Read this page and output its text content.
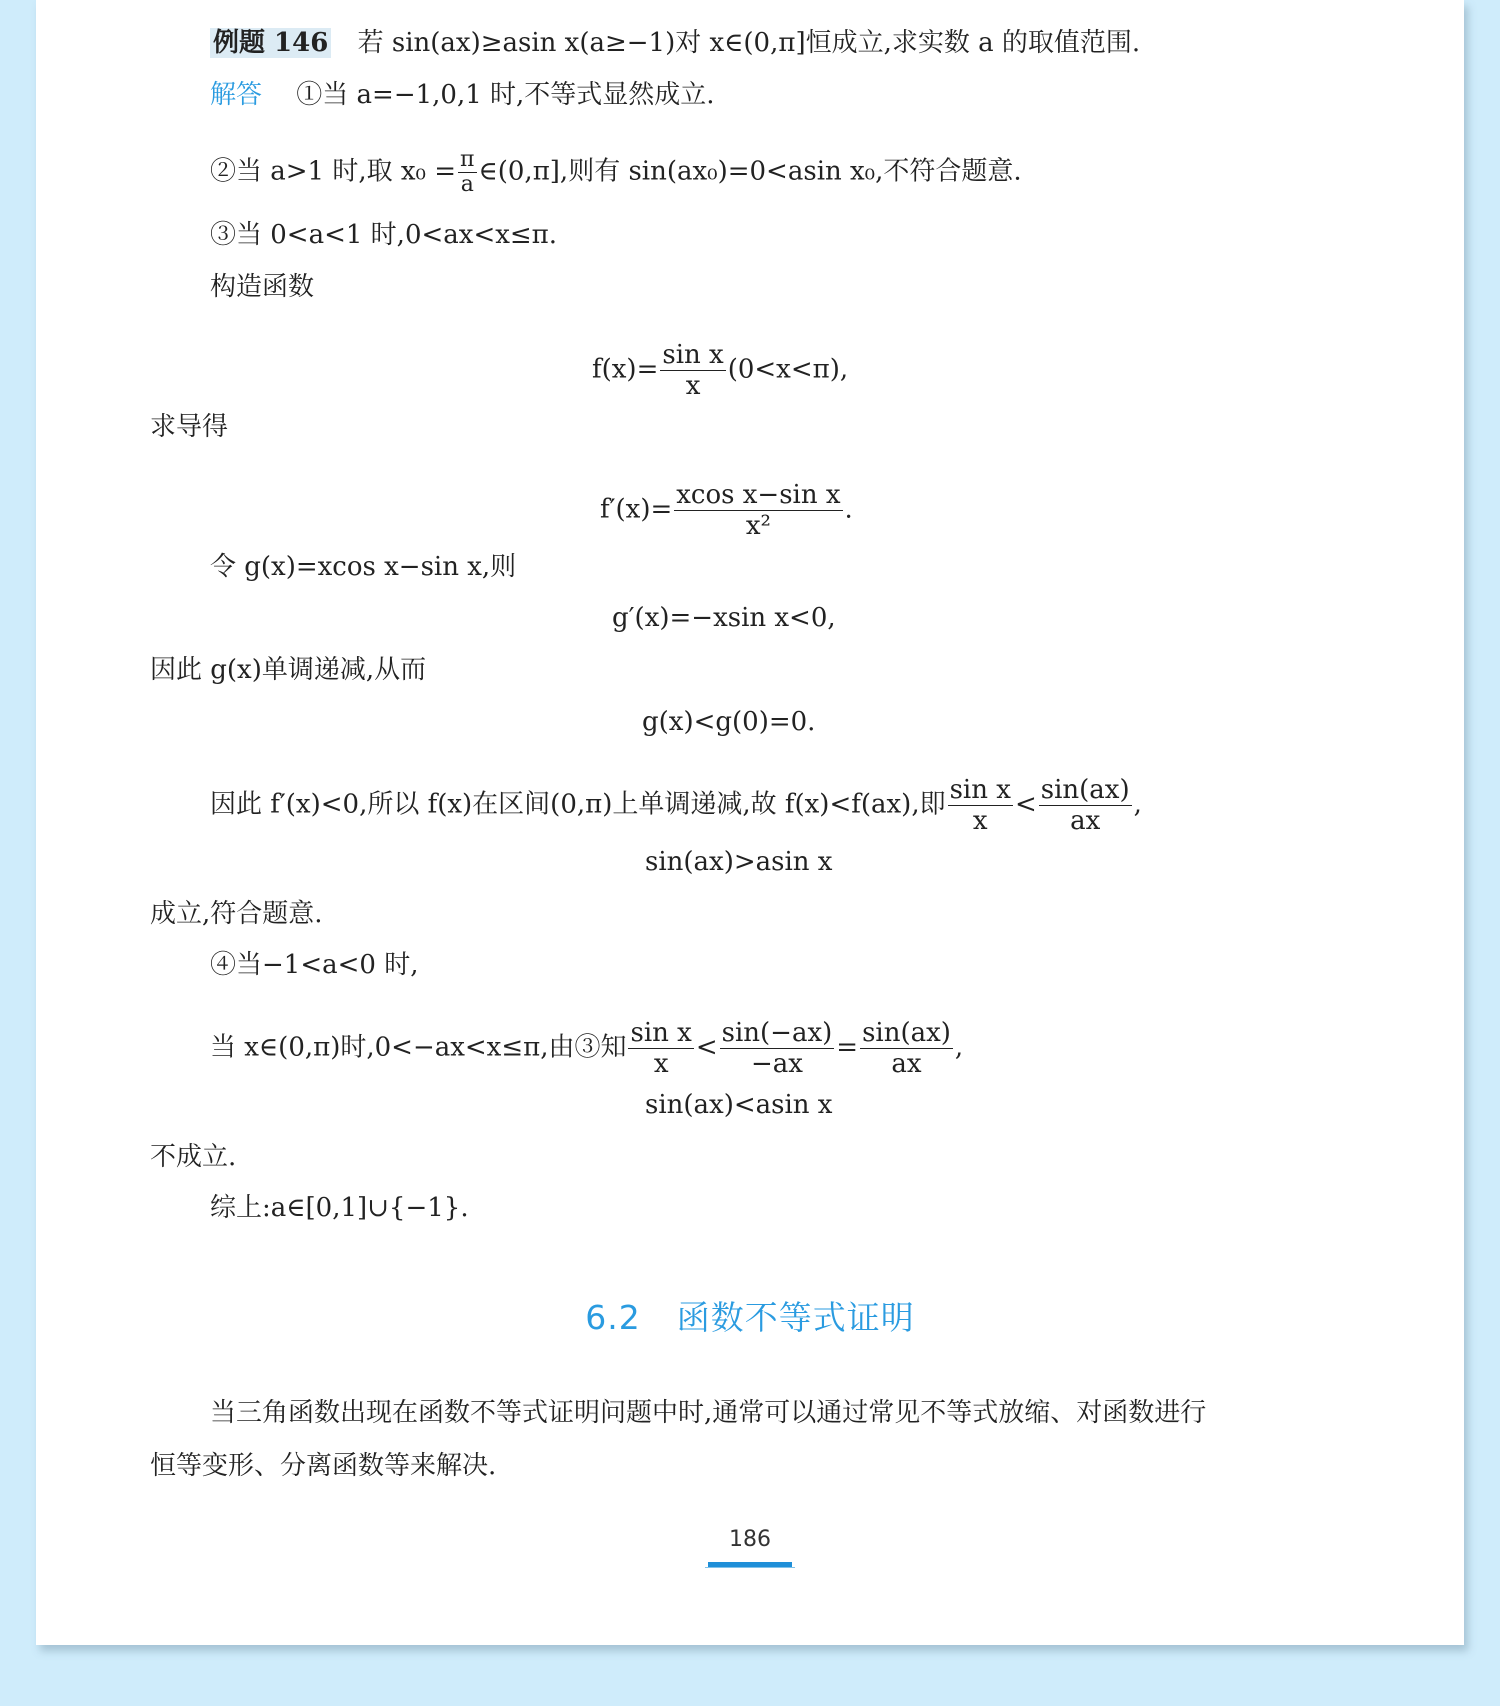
例题 146 若 sin(ax)≥asin x(a≥−1)对 x∈(0,π]恒成立,求实数 a 的取值范围.
解答 ①当 a=−1,0,1 时,不等式显然成立.
②当 a>1 时,取 $x_0 = \frac{\pi}{a}$ ∈(0,π],则有 sin(ax₀)=0<asin x₀,不符合题意.
③当 0<a<1 时,0<ax<x≤π.
构造函数
$f(x)= \frac{\text{sin x}}{x} (0<x<\pi)$,
求导得
$f'(x)= \frac{\text{xcos x−sin x}}{\text{x²}}$ .
令 g(x)=xcos x−sin x,则
g′(x)=−xsin x<0,
因此 g(x)单调递减,从而
g(x)<g(0)=0.
因此 f′(x)<0,所以 f(x)在区间(0,π)上单调递减,故 f(x)<f(ax),即 $\frac{\text{sin x}}{x} < \frac{\sin(ax)}{ax}$ ,
sin(ax)>asin x
成立,符合题意.
④当−1<a<0 时,
当 x∈(0,π)时,0<−ax<x≤π,由③知 $\frac{\text{sin x}}{x} < \frac{\sin(-ax)}{-ax} = \frac{\sin(ax)}{ax}$ ,
sin(ax)<asin x
不成立.
综上:a∈[0,1]∪{−1}.
6.2 函数不等式证明
当三角函数出现在函数不等式证明问题中时,通常可以通过常见不等式放缩、对函数进行
恒等变形、分离函数等来解决.
186
